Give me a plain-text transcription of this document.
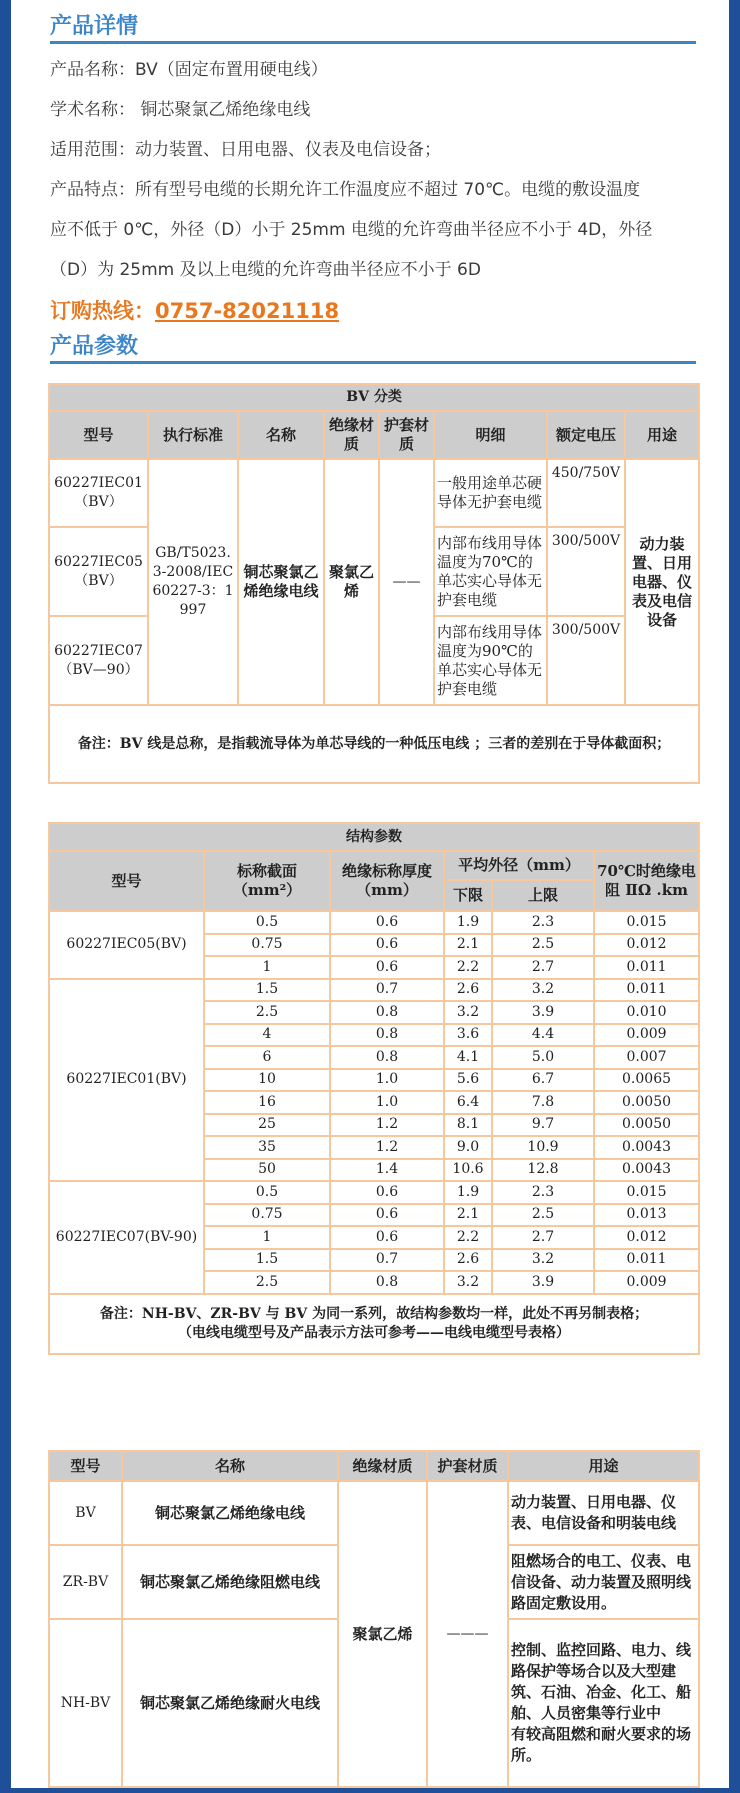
产品详情
产品名称：BV（固定布置用硬电线）
学术名称： 铜芯聚氯乙烯绝缘电线
适用范围：动力装置、日用电器、仪表及电信设备；
产品特点：所有型号电缆的长期允许工作温度应不超过 70℃。电缆的敷设温度
应不低于 0℃，外径（D）小于 25mm 电缆的允许弯曲半径应不小于 4D，外径
（D）为 25mm 及以上电缆的允许弯曲半径应不小于 6D
订购热线：0757-82021118
产品参数
BV 分类							
型号	执行标准	名称	绝缘材质	护套材质	明细	额定电压	用途
60227IEC01（BV）	GB/T5023.3-2008/IEC 60227-3：1997	铜芯聚氯乙烯绝缘电线	聚氯乙烯	——	一般用途单芯硬导体无护套电缆	450/750V	动力装置、日用电器、仪表及电信设备
60227IEC05（BV）					内部布线用导体温度为70℃的单芯实心导体无护套电缆	300/500V	
60227IEC07（BV—90）					内部布线用导体温度为90℃的单芯实心导体无护套电缆	300/500V	
备注：BV 线是总称，是指载流导体为单芯导线的一种低压电线 ；三者的差别在于导体截面积；							
结构参数					
型号	标称截面（mm²）	绝缘标称厚度（mm）	平均外径（mm）		70℃时绝缘电阻 ⅡΩ .km
			下限	上限	
60227IEC05(BV)	0.5	0.6	1.9	2.3	0.015
	0.75	0.6	2.1	2.5	0.012
	1	0.6	2.2	2.7	0.011
60227IEC01(BV)	1.5	0.7	2.6	3.2	0.011
	2.5	0.8	3.2	3.9	0.010
	4	0.8	3.6	4.4	0.009
	6	0.8	4.1	5.0	0.007
	10	1.0	5.6	6.7	0.0065
	16	1.0	6.4	7.8	0.0050
	25	1.2	8.1	9.7	0.0050
	35	1.2	9.0	10.9	0.0043
	50	1.4	10.6	12.8	0.0043
60227IEC07(BV-90)	0.5	0.6	1.9	2.3	0.015
	0.75	0.6	2.1	2.5	0.013
	1	0.6	2.2	2.7	0.012
	1.5	0.7	2.6	3.2	0.011
	2.5	0.8	3.2	3.9	0.009

备注：NH-BV、ZR-BV 与 BV 为同一系列，故结构参数均一样，此处不再另制表格；
（电线电缆型号及产品表示方法可参考——电线电缆型号表格）					
型号	名称	绝缘材质	护套材质	用途
BV	铜芯聚氯乙烯绝缘电线	聚氯乙烯	———	动力装置、日用电器、仪表、电信设备和明装电线
ZR-BV	铜芯聚氯乙烯绝缘阻燃电线			阻燃场合的电工、仪表、电信设备、动力装置及照明线路固定敷设用。
NH-BV	铜芯聚氯乙烯绝缘耐火电线			控制、监控回路、电力、线路保护等场合以及大型建筑、石油、冶金、化工、船舶、人员密集等行业中
有较高阻燃和耐火要求的场所。
